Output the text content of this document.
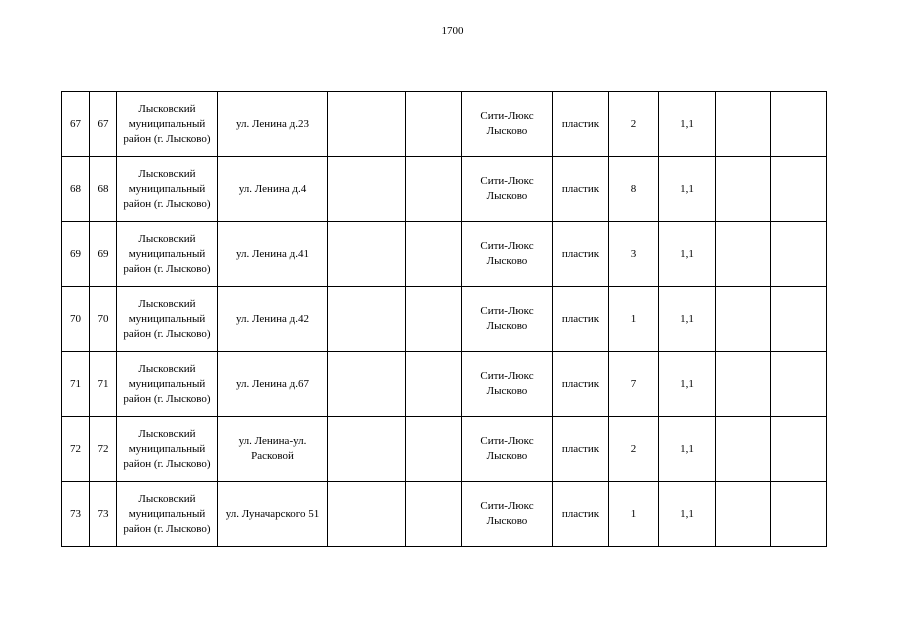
1700
67	67	Лысковский
муниципальный
район (г. Лысково)	ул. Ленина д.23			Сити-Люкс
Лысково	пластик	2	1,1		
68	68	Лысковский
муниципальный
район (г. Лысково)	ул. Ленина д.4			Сити-Люкс
Лысково	пластик	8	1,1		
69	69	Лысковский
муниципальный
район (г. Лысково)	ул. Ленина д.41			Сити-Люкс
Лысково	пластик	3	1,1		
70	70	Лысковский
муниципальный
район (г. Лысково)	ул. Ленина д.42			Сити-Люкс
Лысково	пластик	1	1,1		
71	71	Лысковский
муниципальный
район (г. Лысково)	ул. Ленина д.67			Сити-Люкс
Лысково	пластик	7	1,1		
72	72	Лысковский
муниципальный
район (г. Лысково)	ул. Ленина-ул. Расковой			Сити-Люкс
Лысково	пластик	2	1,1		
73	73	Лысковский
муниципальный
район (г. Лысково)	ул. Луначарского 51			Сити-Люкс
Лысково	пластик	1	1,1		
